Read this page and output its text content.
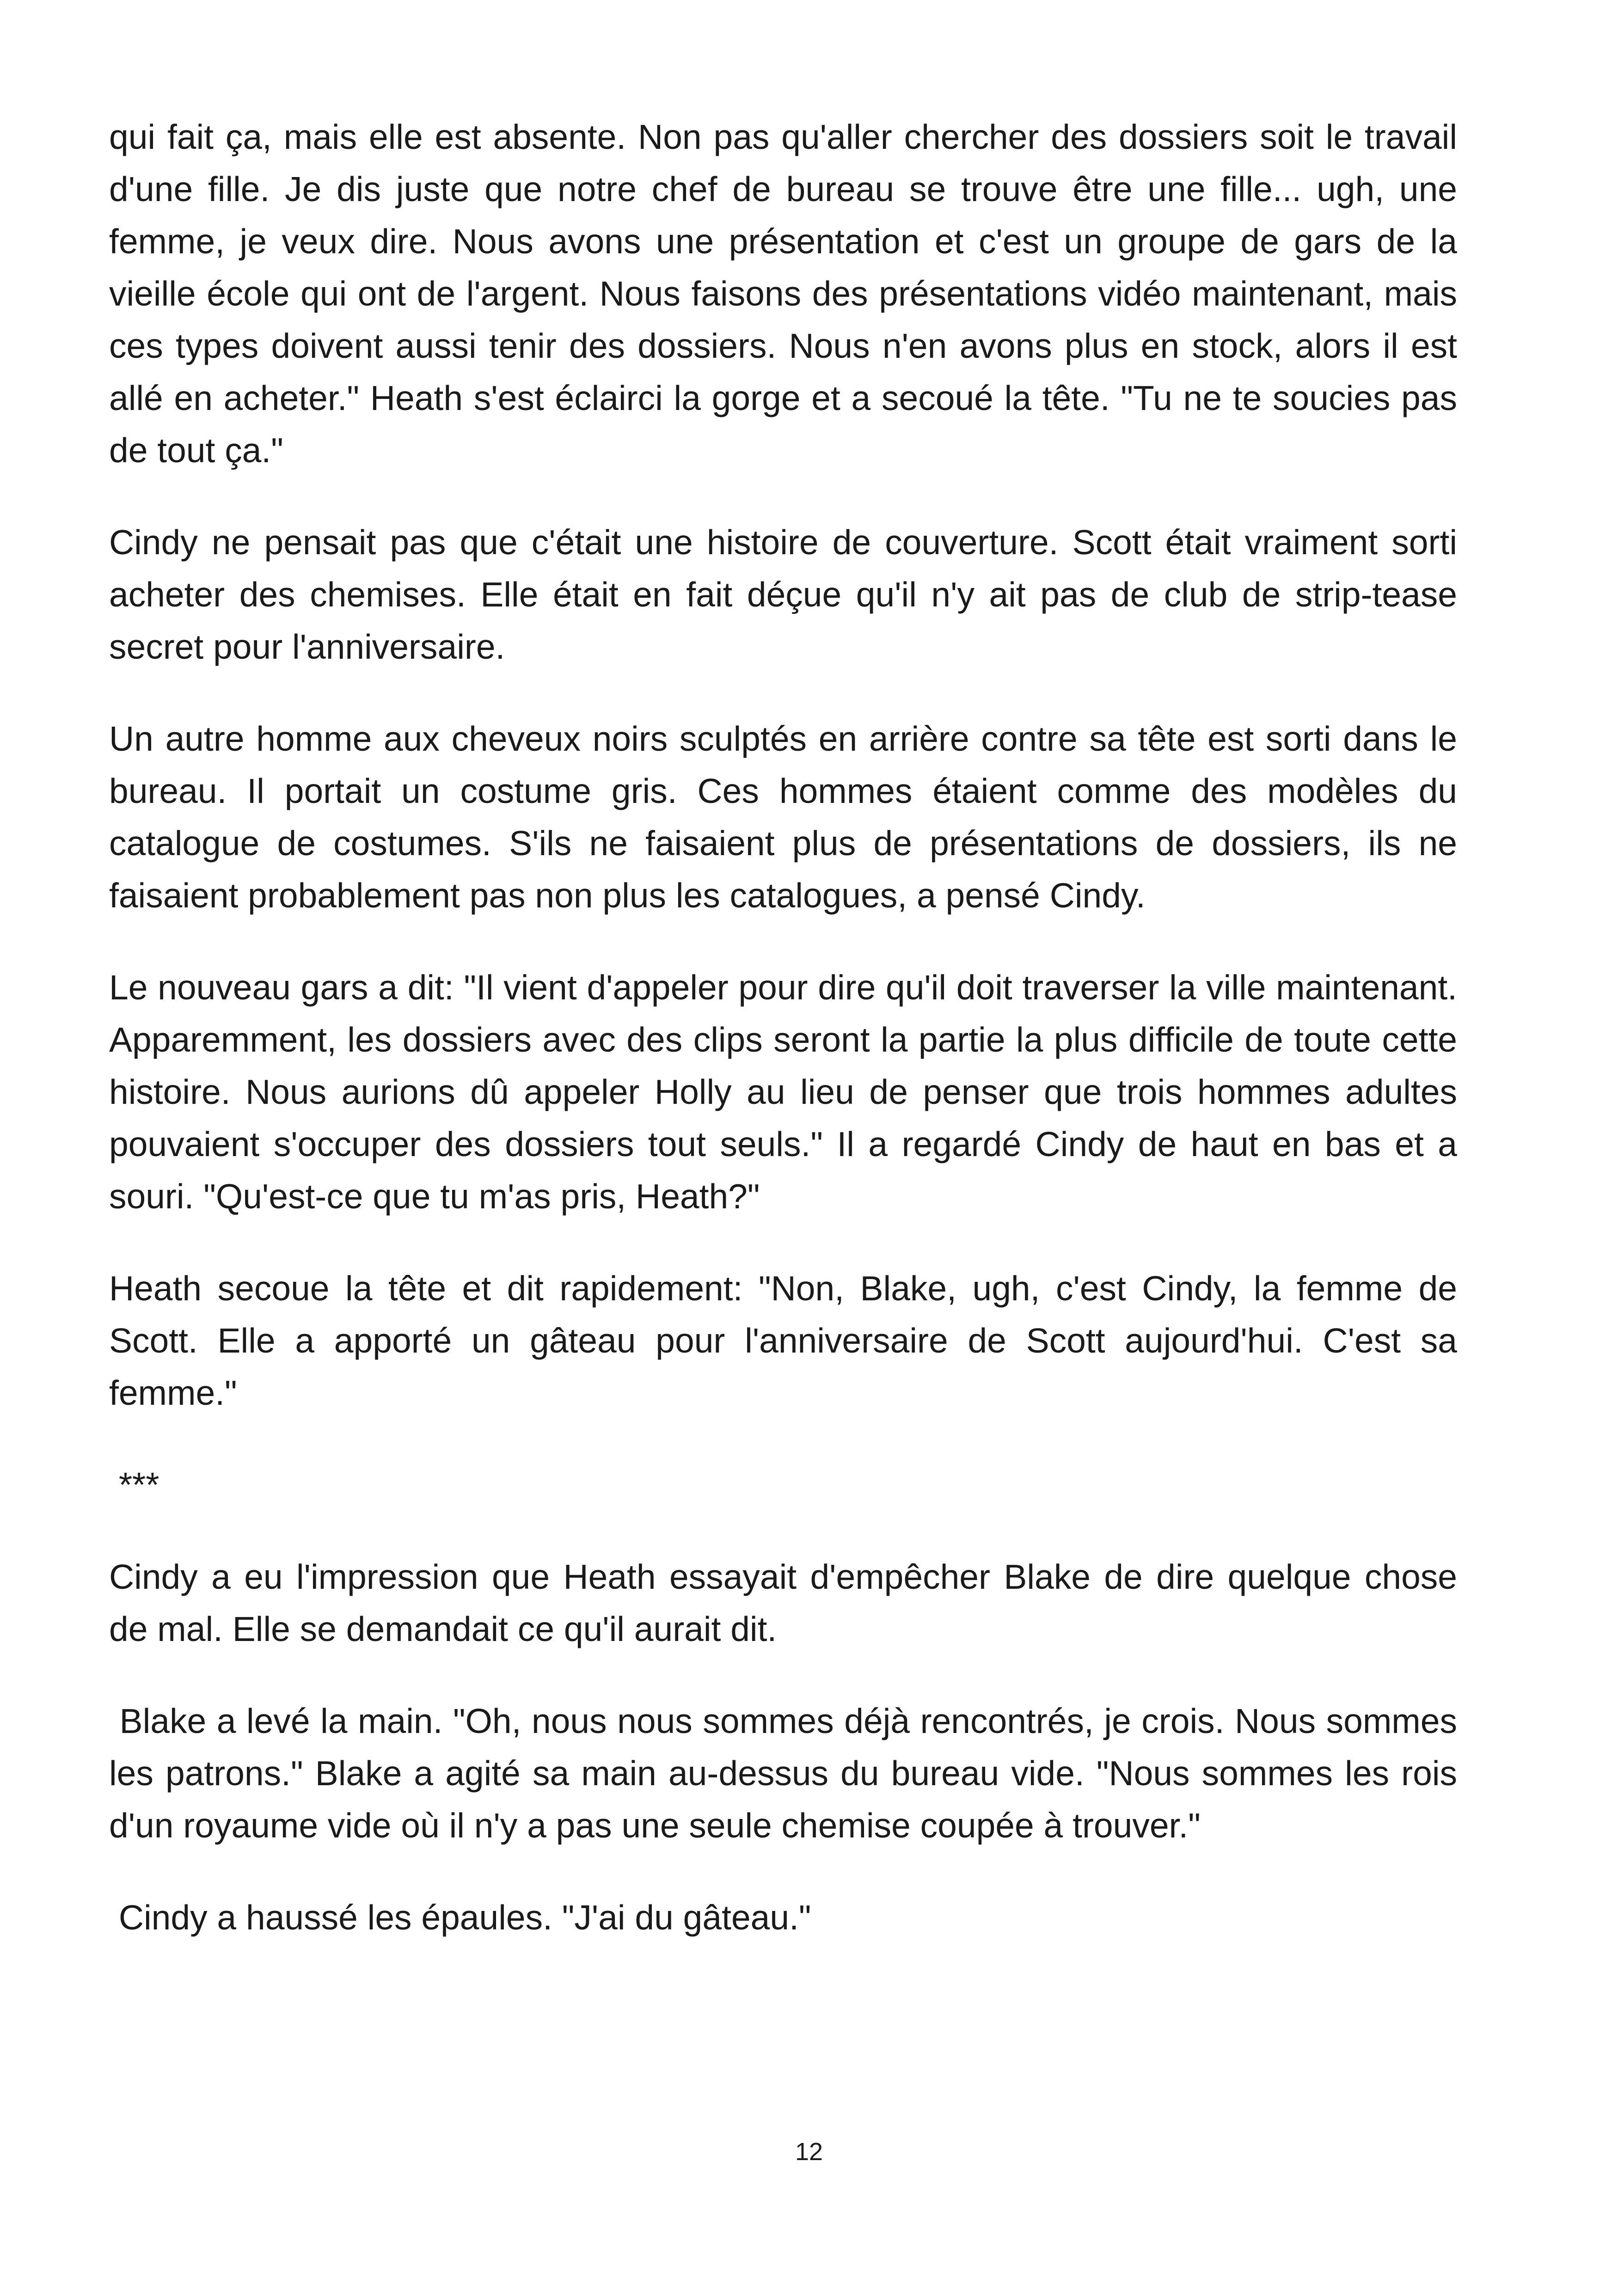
qui fait ça, mais elle est absente. Non pas qu'aller chercher des dossiers soit le travail d'une fille. Je dis juste que notre chef de bureau se trouve être une fille... ugh, une femme, je veux dire. Nous avons une présentation et c'est un groupe de gars de la vieille école qui ont de l'argent. Nous faisons des présentations vidéo maintenant, mais ces types doivent aussi tenir des dossiers. Nous n'en avons plus en stock, alors il est allé en acheter." Heath s'est éclairci la gorge et a secoué la tête. "Tu ne te soucies pas de tout ça."

Cindy ne pensait pas que c'était une histoire de couverture. Scott était vraiment sorti acheter des chemises. Elle était en fait déçue qu'il n'y ait pas de club de strip-tease secret pour l'anniversaire.

Un autre homme aux cheveux noirs sculptés en arrière contre sa tête est sorti dans le bureau. Il portait un costume gris. Ces hommes étaient comme des modèles du catalogue de costumes. S'ils ne faisaient plus de présentations de dossiers, ils ne faisaient probablement pas non plus les catalogues, a pensé Cindy.

Le nouveau gars a dit: "Il vient d'appeler pour dire qu'il doit traverser la ville maintenant. Apparemment, les dossiers avec des clips seront la partie la plus difficile de toute cette histoire. Nous aurions dû appeler Holly au lieu de penser que trois hommes adultes pouvaient s'occuper des dossiers tout seuls." Il a regardé Cindy de haut en bas et a souri. "Qu'est-ce que tu m'as pris, Heath?"

Heath secoue la tête et dit rapidement: "Non, Blake, ugh, c'est Cindy, la femme de Scott. Elle a apporté un gâteau pour l'anniversaire de Scott aujourd'hui. C'est sa femme."

***

Cindy a eu l'impression que Heath essayait d'empêcher Blake de dire quelque chose de mal. Elle se demandait ce qu'il aurait dit.

Blake a levé la main. "Oh, nous nous sommes déjà rencontrés, je crois. Nous sommes les patrons." Blake a agité sa main au-dessus du bureau vide. "Nous sommes les rois d'un royaume vide où il n'y a pas une seule chemise coupée à trouver."

Cindy a haussé les épaules. "J'ai du gâteau."

12
